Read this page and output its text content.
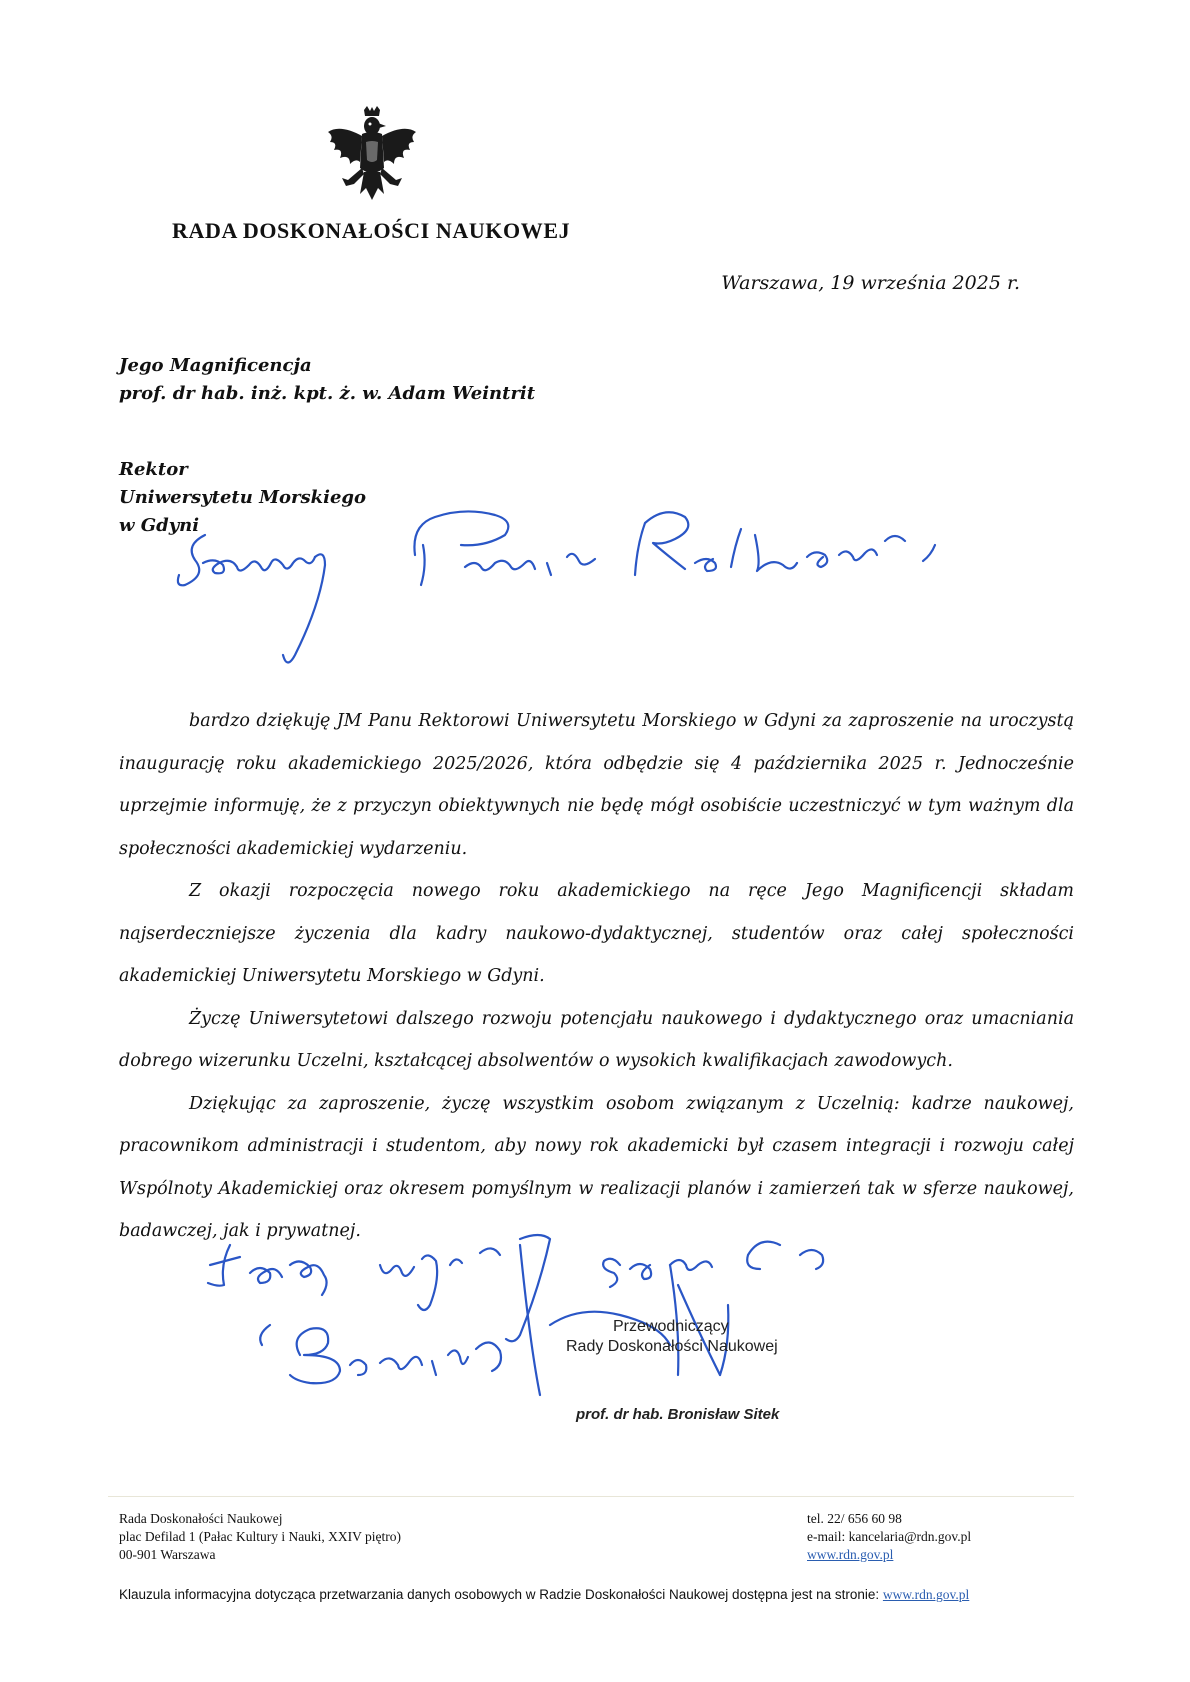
RADA DOSKONAŁOŚCI NAUKOWEJ
Warszawa, 19 września 2025 r.
Jego Magnificencja
prof. dr hab. inż. kpt. ż. w. Adam Weintrit
Rektor
Uniwersytetu Morskiego
w Gdyni

bardzo dziękuję JM Panu Rektorowi Uniwersytetu Morskiego w Gdyni za zaproszenie na uroczystą inaugurację roku akademickiego 2025/2026, która odbędzie się 4 października 2025 r. Jednocześnie uprzejmie informuję, że z przyczyn obiektywnych nie będę mógł osobiście uczestniczyć w tym ważnym dla społeczności akademickiej wydarzeniu.

Z okazji rozpoczęcia nowego roku akademickiego na ręce Jego Magnificencji składam najserdeczniejsze życzenia dla kadry naukowo-dydaktycznej, studentów oraz całej społeczności akademickiej Uniwersytetu Morskiego w Gdyni.

Życzę Uniwersytetowi dalszego rozwoju potencjału naukowego i dydaktycznego oraz umacniania dobrego wizerunku Uczelni, kształcącej absolwentów o wysokich kwalifikacjach zawodowych.

Dziękując za zaproszenie, życzę wszystkim osobom związanym z Uczelnią: kadrze naukowej, pracownikom administracji i studentom, aby nowy rok akademicki był czasem integracji i rozwoju całej Wspólnoty Akademickiej oraz okresem pomyślnym w realizacji planów i zamierzeń tak w sferze naukowej, badawczej, jak i prywatnej.

Przewodniczący
Rady Doskonałości Naukowej
prof. dr hab. Bronisław Sitek
Rada Doskonałości Naukowej
plac Defilad 1 (Pałac Kultury i Nauki, XXIV piętro)
00-901 Warszawa
tel. 22/ 656 60 98
e-mail: kancelaria@rdn.gov.pl
www.rdn.gov.pl
Klauzula informacyjna dotycząca przetwarzania danych osobowych w Radzie Doskonałości Naukowej dostępna jest na stronie: www.rdn.gov.pl
